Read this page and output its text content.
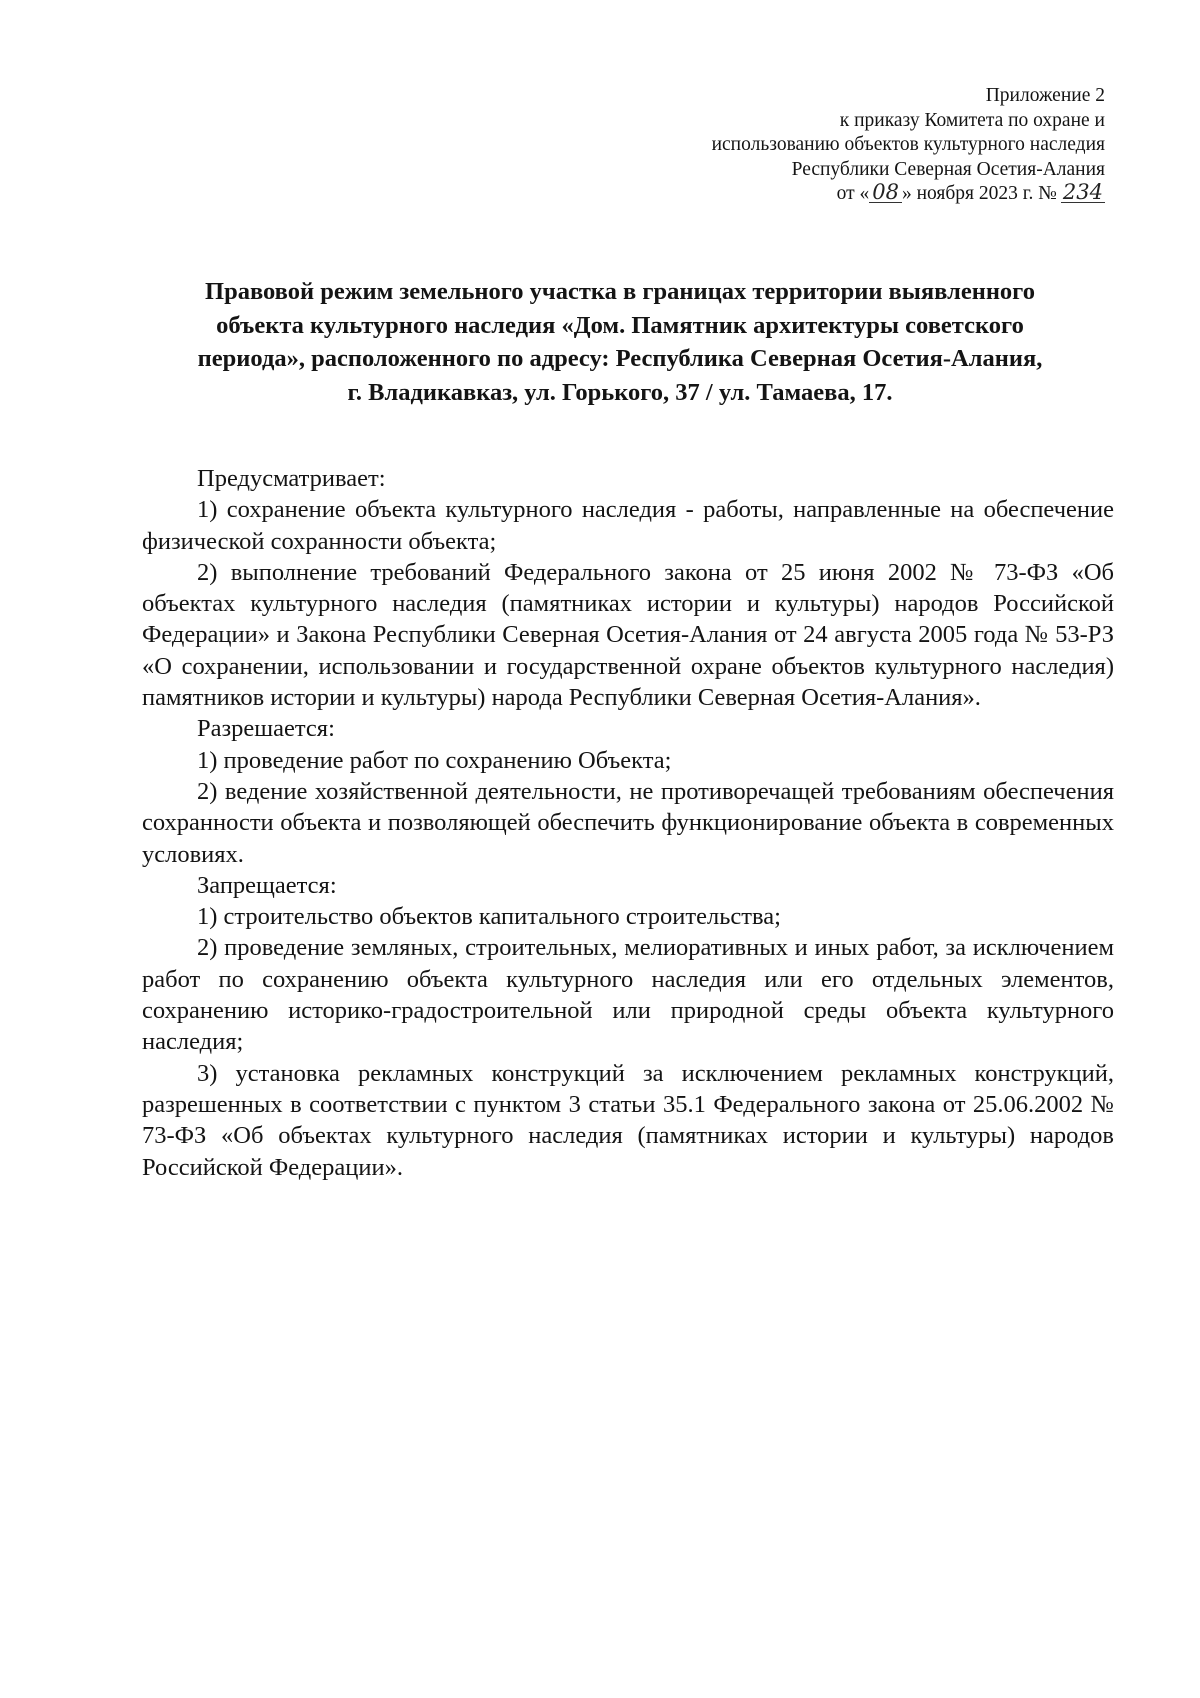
Приложение 2
к приказу Комитета по охране и
использованию объектов культурного наследия
Республики Северная Осетия-Алания
от « 08 » ноября 2023 г. № 234
Правовой режим земельного участка в границах территории выявленного
объекта культурного наследия «Дом. Памятник архитектуры советского
периода», расположенного по адресу: Республика Северная Осетия-Алания,
г. Владикавказ, ул. Горького, 37 / ул. Тамаева, 17.

Предусматривает:

1) сохранение объекта культурного наследия - работы, направленные на обеспечение физической сохранности объекта;

2) выполнение требований Федерального закона от 25 июня 2002 № 73-ФЗ «Об объектах культурного наследия (памятниках истории и культуры) народов Российской Федерации» и Закона Республики Северная Осетия-Алания от 24 августа 2005 года № 53-РЗ «О сохранении, использовании и государственной охране объектов культурного наследия) памятников истории и культуры) народа Республики Северная Осетия-Алания».

Разрешается:

1) проведение работ по сохранению Объекта;

2) ведение хозяйственной деятельности, не противоречащей требованиям обеспечения сохранности объекта и позволяющей обеспечить функционирование объекта в современных условиях.

Запрещается:

1) строительство объектов капитального строительства;

2) проведение земляных, строительных, мелиоративных и иных работ, за исключением работ по сохранению объекта культурного наследия или его отдельных элементов, сохранению историко-градостроительной или природной среды объекта культурного наследия;

3) установка рекламных конструкций за исключением рекламных конструкций, разрешенных в соответствии с пунктом 3 статьи 35.1 Федерального закона от 25.06.2002 № 73-ФЗ «Об объектах культурного наследия (памятниках истории и культуры) народов Российской Федерации».
